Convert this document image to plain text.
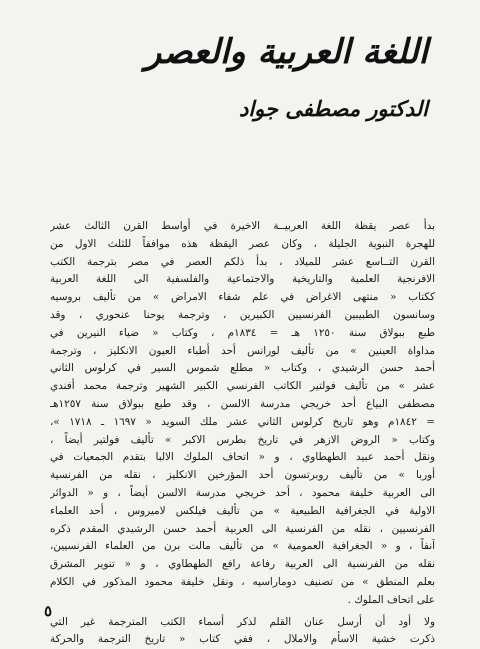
اللغة العربية والعصر
الدكتور مصطفى جواد
بدأ عصر يقظة اللغة العربيــة الاخيرة في أواسط القرن الثالث عشر
للهجرة النبوية الجليلة ، وكان عصر اليقظة هذه موافقاً للثلث الاول من
القرن التــاسع عشر للميلاد ، بدأ ذلكم العصر في مصر بترجمة الكتب
الافرنجية العلمية والتاريخية والاجتماعية والفلسفية الى اللغة العربية
ككتاب « منتهى الاغراض في علم شفاء الامراض » من تأليف بروسيه
وسانسون الطبيبين الفرنسيين الكبيرين ، وترجمة يوحنا عنحوري ، وقد
طبع ببولاق سنة ١٢٥٠ هـ = ١٨٣٤م ، وكتاب « ضياء النيرين في
مداواة العينين » من تأليف لورانس أحد أطباء العيون الانكليز ، وترجمة
أحمد حسن الرشيدي ، وكتاب « مطلع شموس السير في كرلوس الثاني
عشر » من تأليف فولتير الكاتب الفرنسي الكبير الشهير وترجمة محمد أفندي
مصطفى البياع أحد خريجي مدرسة الالسن ، وقد طبع ببولاق سنة ١٢٥٧هـ
= ١٨٤٢م وهو تاريخ كرلوس الثاني عشر ملك السويد « ١٦٩٧ ـ ١٧١٨ »،
وكتاب « الروض الازهر في تاريخ بطرس الاكبر » تأليف فولتير أيضاً ،
ونقل أحمد عبيد الطهطاوي ، و « اتحاف الملوك الالبا بتقدم الجمعيات في
أوربا » من تأليف روبرتسون أحد المؤرخين الانكليز ، نقله من الفرنسية
الى العربية خليفة محمود ، أحد خريجي مدرسة الالسن أيضاً ، و « الدوائر
الاولية في الجغرافية الطبيعية » من تأليف فيلكس لاميروس ، أحد العلماء
الفرنسيين ، نقله من الفرنسية الى العربية أحمد حسن الرشيدي المقدم ذكره
آنفاً ، و « الجغرافية العمومية » من تأليف مالت برن من العلماء الفرنسيين،
نقله من الفرنسية الى العربية رفاعة رافع الطهطاوي ، و « تنوير المشرق
بعلم المنطق » من تصنيف دوماراسيه ، ونقل خليفة محمود المذكور في الكلام
على اتحاف الملوك .
ولا أود أن أرسل عنان القلم لذكر أسماء الكتب المترجمة غير التي
ذكرت خشية الاسأم والاملال ، ففي كتاب « تاريخ الترجمة والحركة
٥
